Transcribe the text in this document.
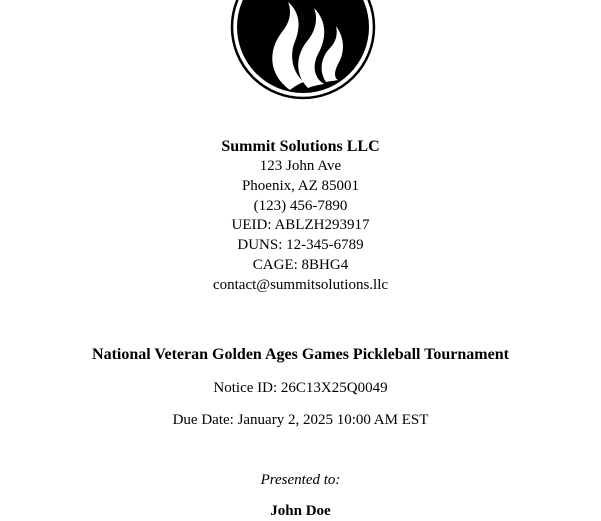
Summit Solutions LLC
123 John Ave
Phoenix, AZ 85001
(123) 456-7890
UEID: ABLZH293917
DUNS: 12-345-6789
CAGE: 8BHG4
contact@summitsolutions.llc
National Veteran Golden Ages Games Pickleball Tournament
Notice ID: 26C13X25Q0049
Due Date: January 2, 2025 10:00 AM EST
Presented to:
John Doe
